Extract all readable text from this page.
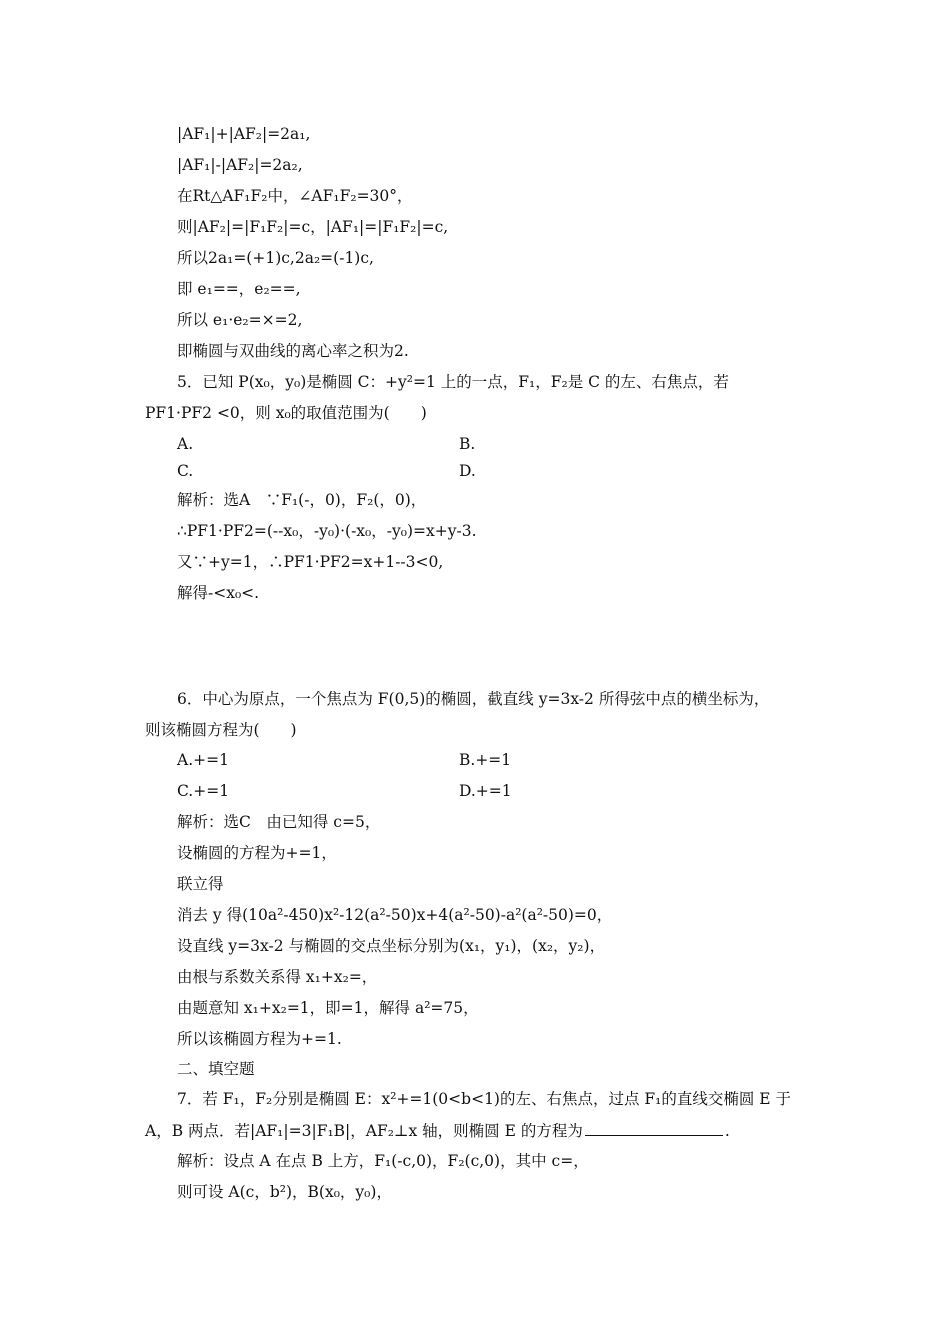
|AF₁|+|AF₂|=2a₁,
|AF₁|-|AF₂|=2a₂,
在Rt△AF₁F₂中，∠AF₁F₂=30°，
则|AF₂|=|F₁F₂|=c，|AF₁|=|F₁F₂|=c,
所以2a₁=(+1)c,2a₂=(-1)c,
即 e₁==，e₂==,
所以 e₁·e₂=×=2,
即椭圆与双曲线的离心率之积为2.
5．已知 P(x₀，y₀)是椭圆 C：+y²=1 上的一点，F₁，F₂是 C 的左、右焦点，若
PF1·PF2 <0，则 x₀的取值范围为(　　)
A.	B.
C.	D.
解析：选A　∵F₁(-，0)，F₂(，0)，
∴PF1·PF2=(--x₀，-y₀)·(-x₀，-y₀)=x+y-3.
又∵+y=1，∴PF1·PF2=x+1--3<0,
解得-<x₀<.
6．中心为原点，一个焦点为 F(0,5)的椭圆，截直线 y=3x-2 所得弦中点的横坐标为，
则该椭圆方程为(　　)
A.+=1	B.+=1
C.+=1	D.+=1
解析：选C　由已知得 c=5，
设椭圆的方程为+=1，
联立得
消去 y 得(10a²-450)x²-12(a²-50)x+4(a²-50)-a²(a²-50)=0，
设直线 y=3x-2 与椭圆的交点坐标分别为(x₁，y₁)，(x₂，y₂)，
由根与系数关系得 x₁+x₂=，
由题意知 x₁+x₂=1，即=1，解得 a²=75，
所以该椭圆方程为+=1.
二、填空题
7．若 F₁，F₂分别是椭圆 E：x²+=1(0<b<1)的左、右焦点，过点 F₁的直线交椭圆 E 于
A，B 两点．若|AF₁|=3|F₁B|，AF₂⊥x 轴，则椭圆 E 的方程为	.
解析：设点 A 在点 B 上方，F₁(-c,0)，F₂(c,0)，其中 c=，
则可设 A(c，b²)，B(x₀，y₀)，
